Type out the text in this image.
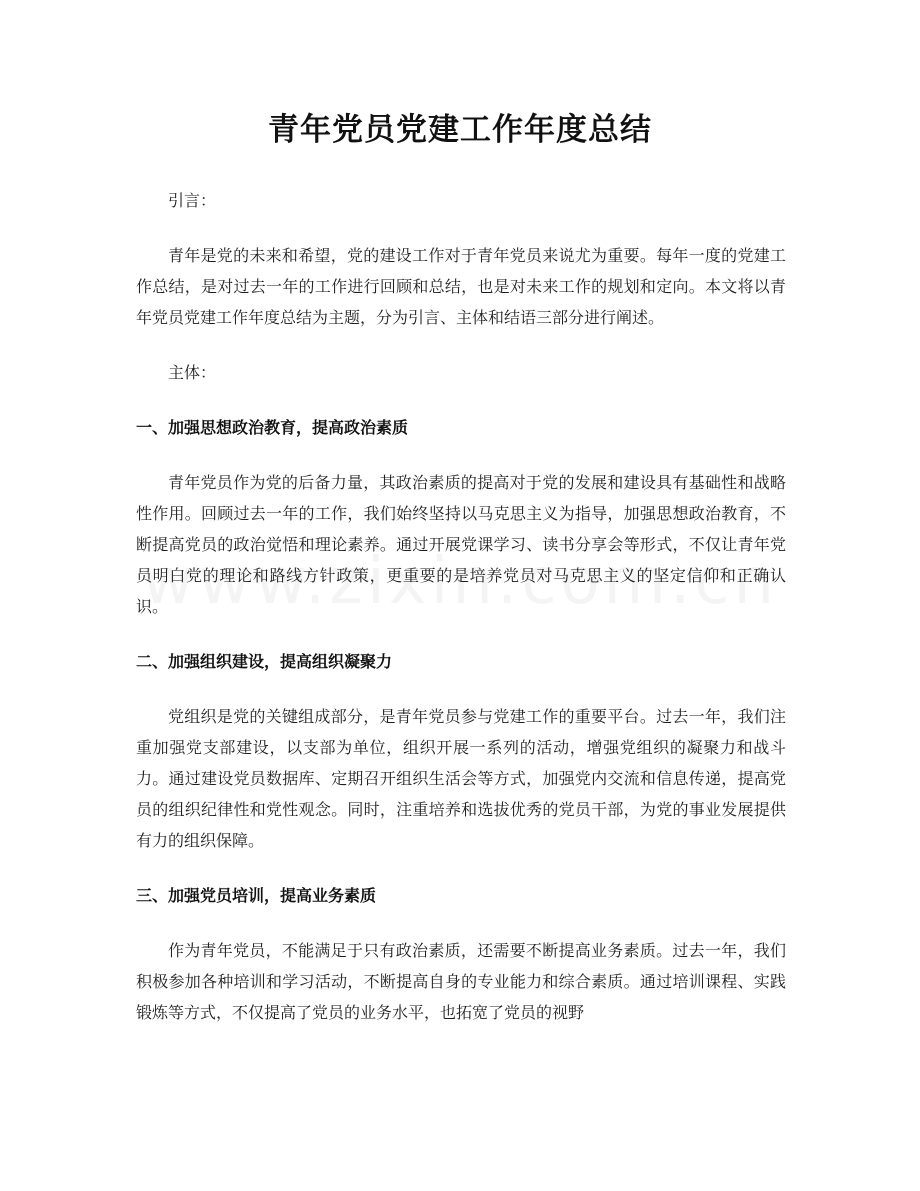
青年党员党建工作年度总结

引言：

青年是党的未来和希望，党的建设工作对于青年党员来说尤为重要。每年一度的党建工作总结，是对过去一年的工作进行回顾和总结，也是对未来工作的规划和定向。本文将以青年党员党建工作年度总结为主题，分为引言、主体和结语三部分进行阐述。

主体：

一、加强思想政治教育，提高政治素质

青年党员作为党的后备力量，其政治素质的提高对于党的发展和建设具有基础性和战略性作用。回顾过去一年的工作，我们始终坚持以马克思主义为指导，加强思想政治教育，不断提高党员的政治觉悟和理论素养。通过开展党课学习、读书分享会等形式，不仅让青年党员明白党的理论和路线方针政策，更重要的是培养党员对马克思主义的坚定信仰和正确认识。

二、加强组织建设，提高组织凝聚力

党组织是党的关键组成部分，是青年党员参与党建工作的重要平台。过去一年，我们注重加强党支部建设，以支部为单位，组织开展一系列的活动，增强党组织的凝聚力和战斗力。通过建设党员数据库、定期召开组织生活会等方式，加强党内交流和信息传递，提高党员的组织纪律性和党性观念。同时，注重培养和选拔优秀的党员干部，为党的事业发展提供有力的组织保障。

三、加强党员培训，提高业务素质

作为青年党员，不能满足于只有政治素质，还需要不断提高业务素质。过去一年，我们积极参加各种培训和学习活动，不断提高自身的专业能力和综合素质。通过培训课程、实践锻炼等方式，不仅提高了党员的业务水平，也拓宽了党员的视野
